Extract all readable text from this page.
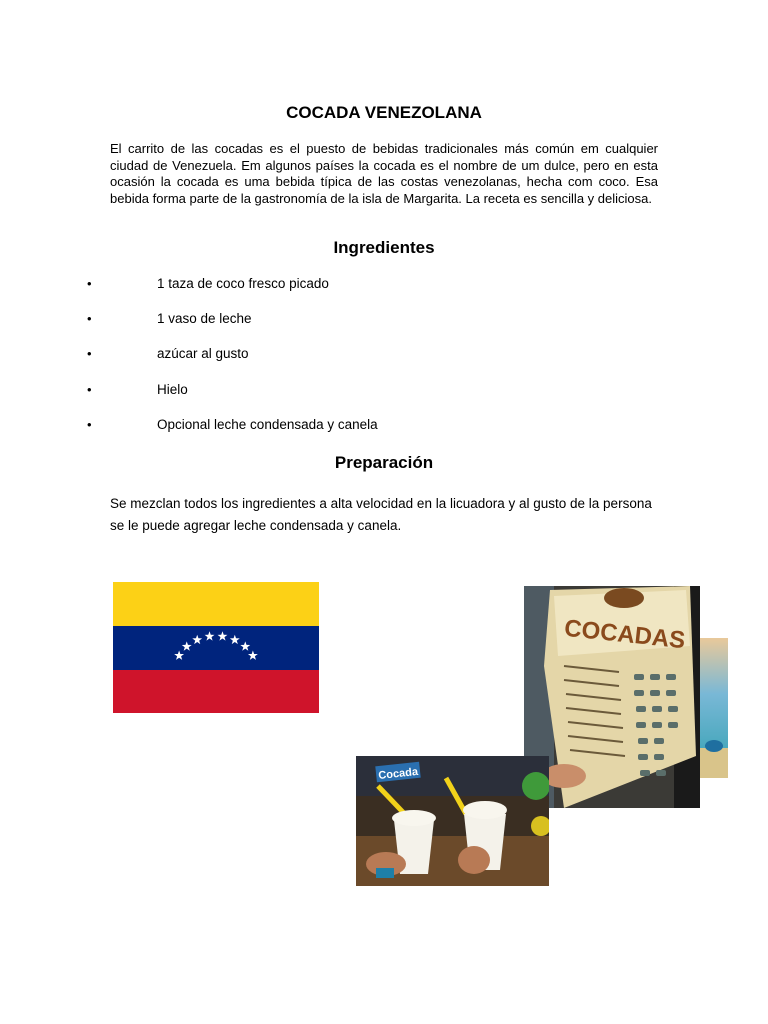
COCADA VENEZOLANA

El carrito de las cocadas es el puesto de bebidas tradicionales más común em cualquier ciudad de Venezuela. Em algunos países la cocada es el nombre de um dulce, pero en esta ocasión la cocada es uma bebida típica de las costas venezolanas, hecha com coco. Esa bebida forma parte de la gastronomía de la isla de Margarita. La receta es sencilla y deliciosa.

Ingredientes
•	1 taza de coco fresco picado
•	1 vaso de leche
•	azúcar al gusto
•	Hielo
•	Opcional leche condensada y canela
Preparación

Se mezclan todos los ingredientes a alta velocidad en la licuadora y al gusto de la persona se le puede agregar leche condensada y canela.

COCADAS
Cocada
